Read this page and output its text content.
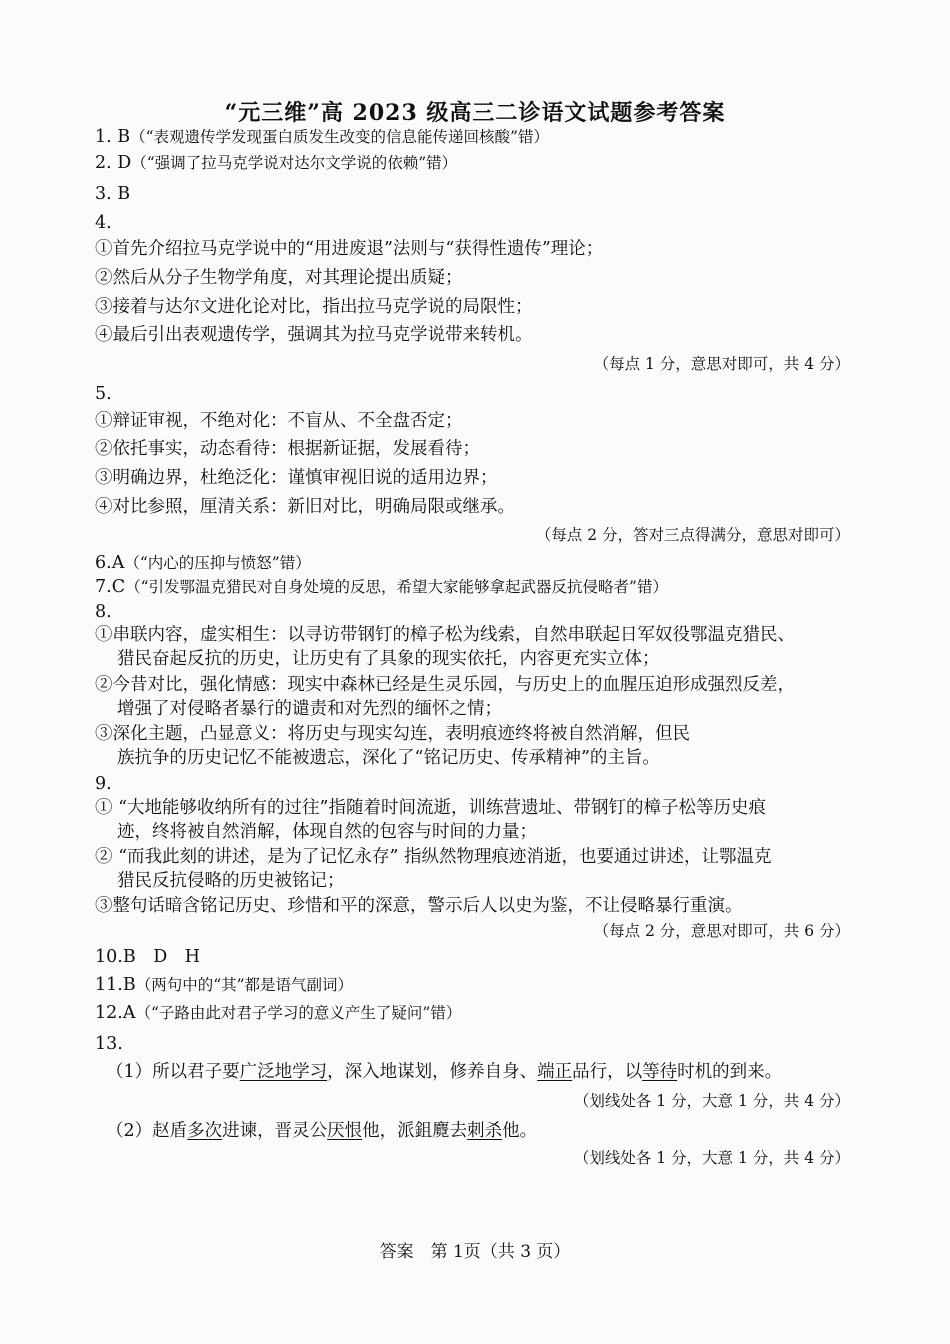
“元三维”高 2023 级高三二诊语文试题参考答案
1. B（“表观遗传学发现蛋白质发生改变的信息能传递回核酸”错）
2. D（“强调了拉马克学说对达尔文学说的依赖”错）
3. B
4.
①首先介绍拉马克学说中的“用进废退”法则与“获得性遗传”理论；
②然后从分子生物学角度，对其理论提出质疑；
③接着与达尔文进化论对比，指出拉马克学说的局限性；
④最后引出表观遗传学，强调其为拉马克学说带来转机。
（每点 1 分，意思对即可，共 4 分）
5.
①辩证审视，不绝对化：不盲从、不全盘否定；
②依托事实，动态看待：根据新证据，发展看待；
③明确边界，杜绝泛化：谨慎审视旧说的适用边界；
④对比参照，厘清关系：新旧对比，明确局限或继承。
（每点 2 分，答对三点得满分，意思对即可）
6.A（“内心的压抑与愤怒”错）
7.C（“引发鄂温克猎民对自身处境的反思，希望大家能够拿起武器反抗侵略者”错）
8.
①串联内容，虚实相生：以寻访带钢钉的樟子松为线索，自然串联起日军奴役鄂温克猎民、
猎民奋起反抗的历史，让历史有了具象的现实依托，内容更充实立体；
②今昔对比，强化情感：现实中森林已经是生灵乐园，与历史上的血腥压迫形成强烈反差，
增强了对侵略者暴行的谴责和对先烈的缅怀之情；
③深化主题，凸显意义：将历史与现实勾连，表明痕迹终将被自然消解，但民
族抗争的历史记忆不能被遗忘，深化了“铭记历史、传承精神”的主旨。
9.
① “大地能够收纳所有的过往”指随着时间流逝，训练营遗址、带钢钉的樟子松等历史痕
迹，终将被自然消解，体现自然的包容与时间的力量；
② “而我此刻的讲述，是为了记忆永存” 指纵然物理痕迹消逝，也要通过讲述，让鄂温克
猎民反抗侵略的历史被铭记；
③整句话暗含铭记历史、珍惜和平的深意，警示后人以史为鉴，不让侵略暴行重演。
（每点 2 分，意思对即可，共 6 分）
10.B　D　H
11.B（两句中的“其”都是语气副词）
12.A（“子路由此对君子学习的意义产生了疑问”错）
13.
（1）所以君子要广泛地学习，深入地谋划，修养自身、端正品行，以等待时机的到来。
（划线处各 1 分，大意 1 分，共 4 分）
（2）赵盾多次进谏，晋灵公厌恨他，派鉏麑去刺杀他。
（划线处各 1 分，大意 1 分，共 4 分）
答案　第 1页（共 3 页）
